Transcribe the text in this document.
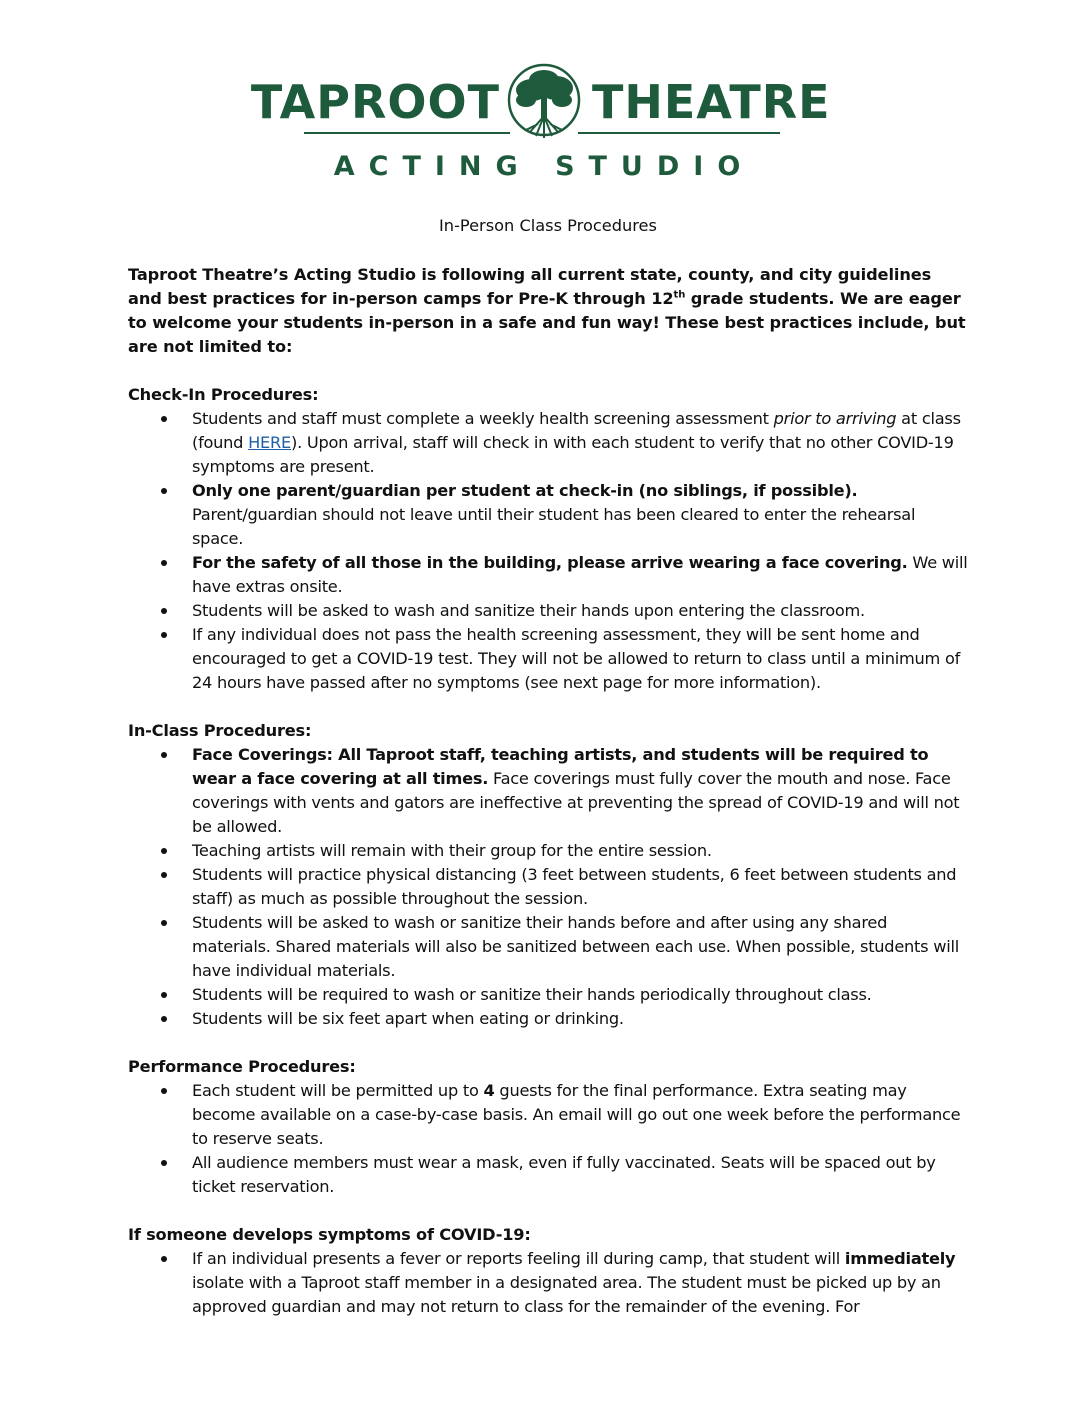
TAPROOT THEATRE
ACTING STUDIO

In-Person Class Procedures

Taproot Theatre’s Acting Studio is following all current state, county, and city guidelines and best practices for in-person camps for Pre-K through 12th grade students. We are eager to welcome your students in-person in a safe and fun way! These best practices include, but are not limited to:

Check-In Procedures:

Students and staff must complete a weekly health screening assessment prior to arriving at class (found HERE). Upon arrival, staff will check in with each student to verify that no other COVID-19 symptoms are present.
Only one parent/guardian per student at check-in (no siblings, if possible). Parent/guardian should not leave until their student has been cleared to enter the rehearsal space.
For the safety of all those in the building, please arrive wearing a face covering. We will have extras onsite.
Students will be asked to wash and sanitize their hands upon entering the classroom.
If any individual does not pass the health screening assessment, they will be sent home and encouraged to get a COVID-19 test. They will not be allowed to return to class until a minimum of 24 hours have passed after no symptoms (see next page for more information).

In-Class Procedures:

Face Coverings: All Taproot staff, teaching artists, and students will be required to wear a face covering at all times. Face coverings must fully cover the mouth and nose. Face coverings with vents and gators are ineffective at preventing the spread of COVID-19 and will not be allowed.
Teaching artists will remain with their group for the entire session.
Students will practice physical distancing (3 feet between students, 6 feet between students and staff) as much as possible throughout the session.
Students will be asked to wash or sanitize their hands before and after using any shared materials. Shared materials will also be sanitized between each use. When possible, students will have individual materials.
Students will be required to wash or sanitize their hands periodically throughout class.
Students will be six feet apart when eating or drinking.

Performance Procedures:

Each student will be permitted up to 4 guests for the final performance. Extra seating may become available on a case-by-case basis. An email will go out one week before the performance to reserve seats.
All audience members must wear a mask, even if fully vaccinated. Seats will be spaced out by ticket reservation.

If someone develops symptoms of COVID-19:

If an individual presents a fever or reports feeling ill during camp, that student will immediately isolate with a Taproot staff member in a designated area. The student must be picked up by an approved guardian and may not return to class for the remainder of the evening. For
